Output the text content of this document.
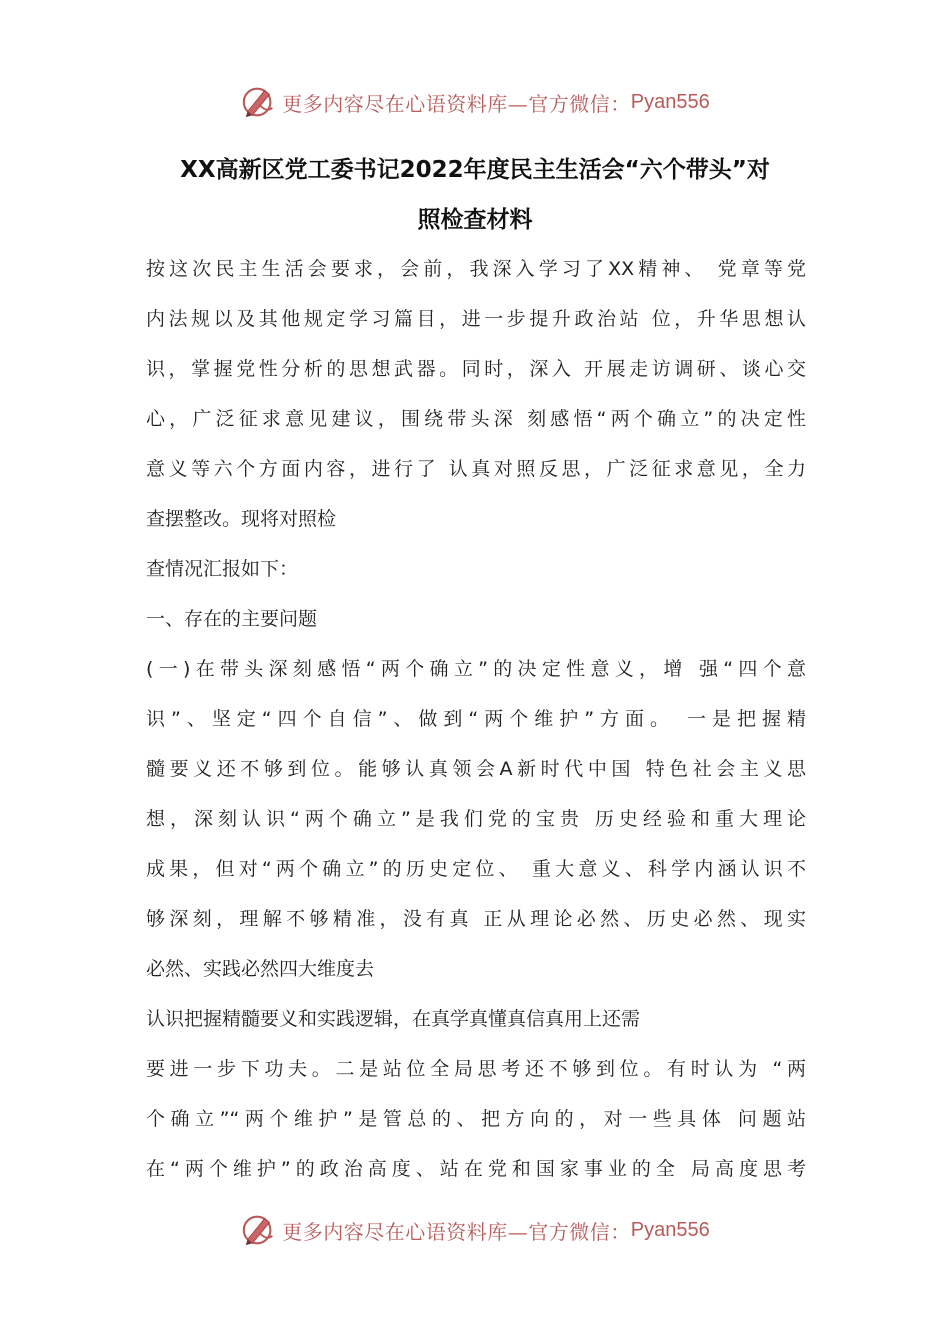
更多内容尽在心语资料库—官方微信： Pyan556
XX高新区党工委书记2022年度民主生活会“六个带头”对
照检查材料
按这次民主生活会要求，会前，我深入学习了XX精神、 党章等党
内法规以及其他规定学习篇目，进一步提升政治站 位，升华思想认
识，掌握党性分析的思想武器。同时，深入 开展走访调研、谈心交
心，广泛征求意见建议，围绕带头深 刻感悟“两个确立”的决定性
意义等六个方面内容，进行了 认真对照反思，广泛征求意见，全力
查摆整改。现将对照检
查情况汇报如下：
一、存在的主要问题
(一)在带头深刻感悟“两个确立”的决定性意义，增 强“四个意
识”、坚定“四个自信”、做到“两个维护”方面。 一是把握精
髓要义还不够到位。能够认真领会A新时代中国 特色社会主义思
想，深刻认识“两个确立”是我们党的宝贵 历史经验和重大理论
成果，但对“两个确立”的历史定位、 重大意义、科学内涵认识不
够深刻，理解不够精准，没有真 正从理论必然、历史必然、现实
必然、实践必然四大维度去
认识把握精髓要义和实践逻辑，在真学真懂真信真用上还需
要进一步下功夫。二是站位全局思考还不够到位。有时认为 “两
个确立”“两个维护”是管总的、把方向的，对一些具体 问题站
在“两个维护”的政治高度、站在党和国家事业的全 局高度思考
更多内容尽在心语资料库—官方微信： Pyan556
